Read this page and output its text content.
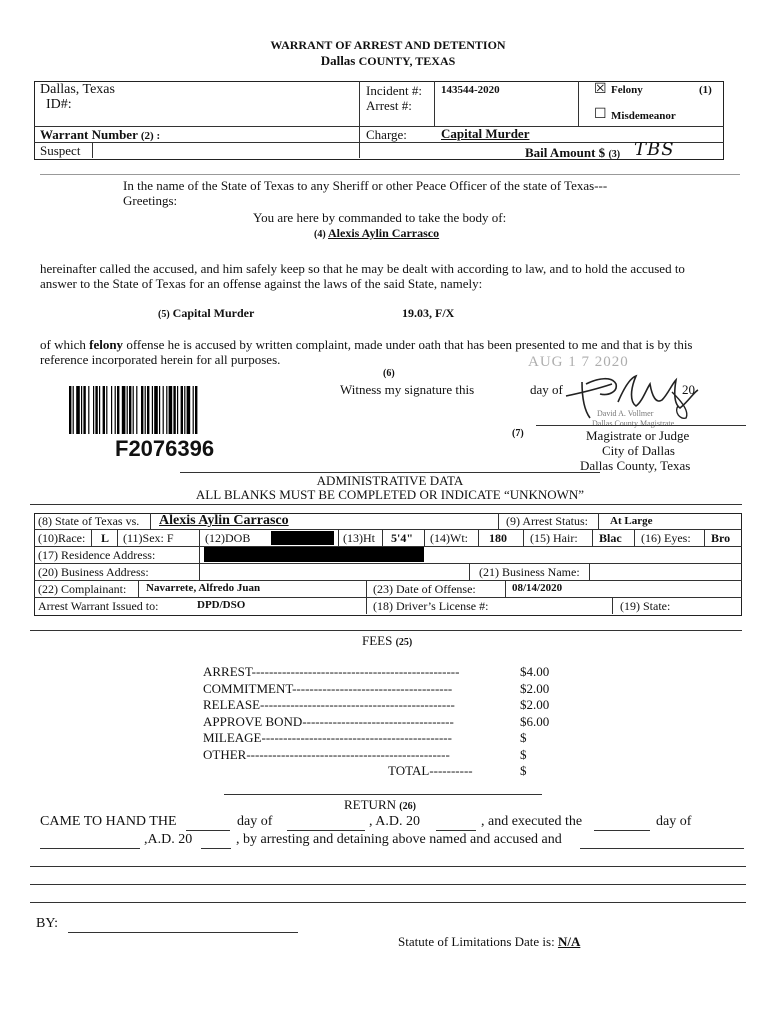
WARRANT OF ARREST AND DETENTION
Dallas COUNTY, TEXAS
Dallas, Texas
ID#:
Incident #: 143544-2020
Arrest #:
☒ Felony	(1)
☐ Misdemeanor
Warrant Number (2) :	Charge:	Capital Murder
Suspect	Bail Amount $ (3) TBS
In the name of the State of Texas to any Sheriff or other Peace Officer of the state of Texas---
Greetings:
You are here by commanded to take the body of:
(4) Alexis Aylin Carrasco
hereinafter called the accused, and him safely keep so that he may be dealt with according to law, and to hold the accused to
answer to the State of Texas for an offense against the laws of the said State, namely:
(5) Capital Murder	19.03, F/X
of which felony offense he is accused by written complaint, made under oath that has been presented to me and that is by this
reference incorporated herein for all purposes.	AUG 1 7 2020
F2076396
(6)
Witness my signature this	day of	20
David A. Vollmer
Dallas County Magistrate
(7)	Magistrate or Judge
City of Dallas
Dallas County, Texas
ADMINISTRATIVE DATA
ALL BLANKS MUST BE COMPLETED OR INDICATE “UNKNOWN”
(8) State of Texas vs. Alexis Aylin Carrasco	(9) Arrest Status: At Large
(10)Race: L (11)Sex: F	(12)DOB	(13)Ht 5'4" (14)Wt: 180 (15) Hair: Blac (16) Eyes: Bro
(17) Residence Address:
(20) Business Address:	(21) Business Name:
(22) Complainant: Navarrete, Alfredo Juan	(23) Date of Offense:	08/14/2020
Arrest Warrant Issued to:	DPD/DSO	(18) Driver’s License #:	(19) State:
FEES (25)
ARREST------------------------------------------------	$4.00
COMMITMENT-------------------------------------	$2.00
RELEASE---------------------------------------------	$2.00
APPROVE BOND-----------------------------------	$6.00
MILEAGE--------------------------------------------	$
OTHER-----------------------------------------------	$
TOTAL----------	$
RETURN (26)
CAME TO HAND THE	day of	, A.D. 20	, and executed the	day of
,A.D. 20	, by arresting and detaining above named and accused and
BY:
Statute of Limitations Date is: N/A
